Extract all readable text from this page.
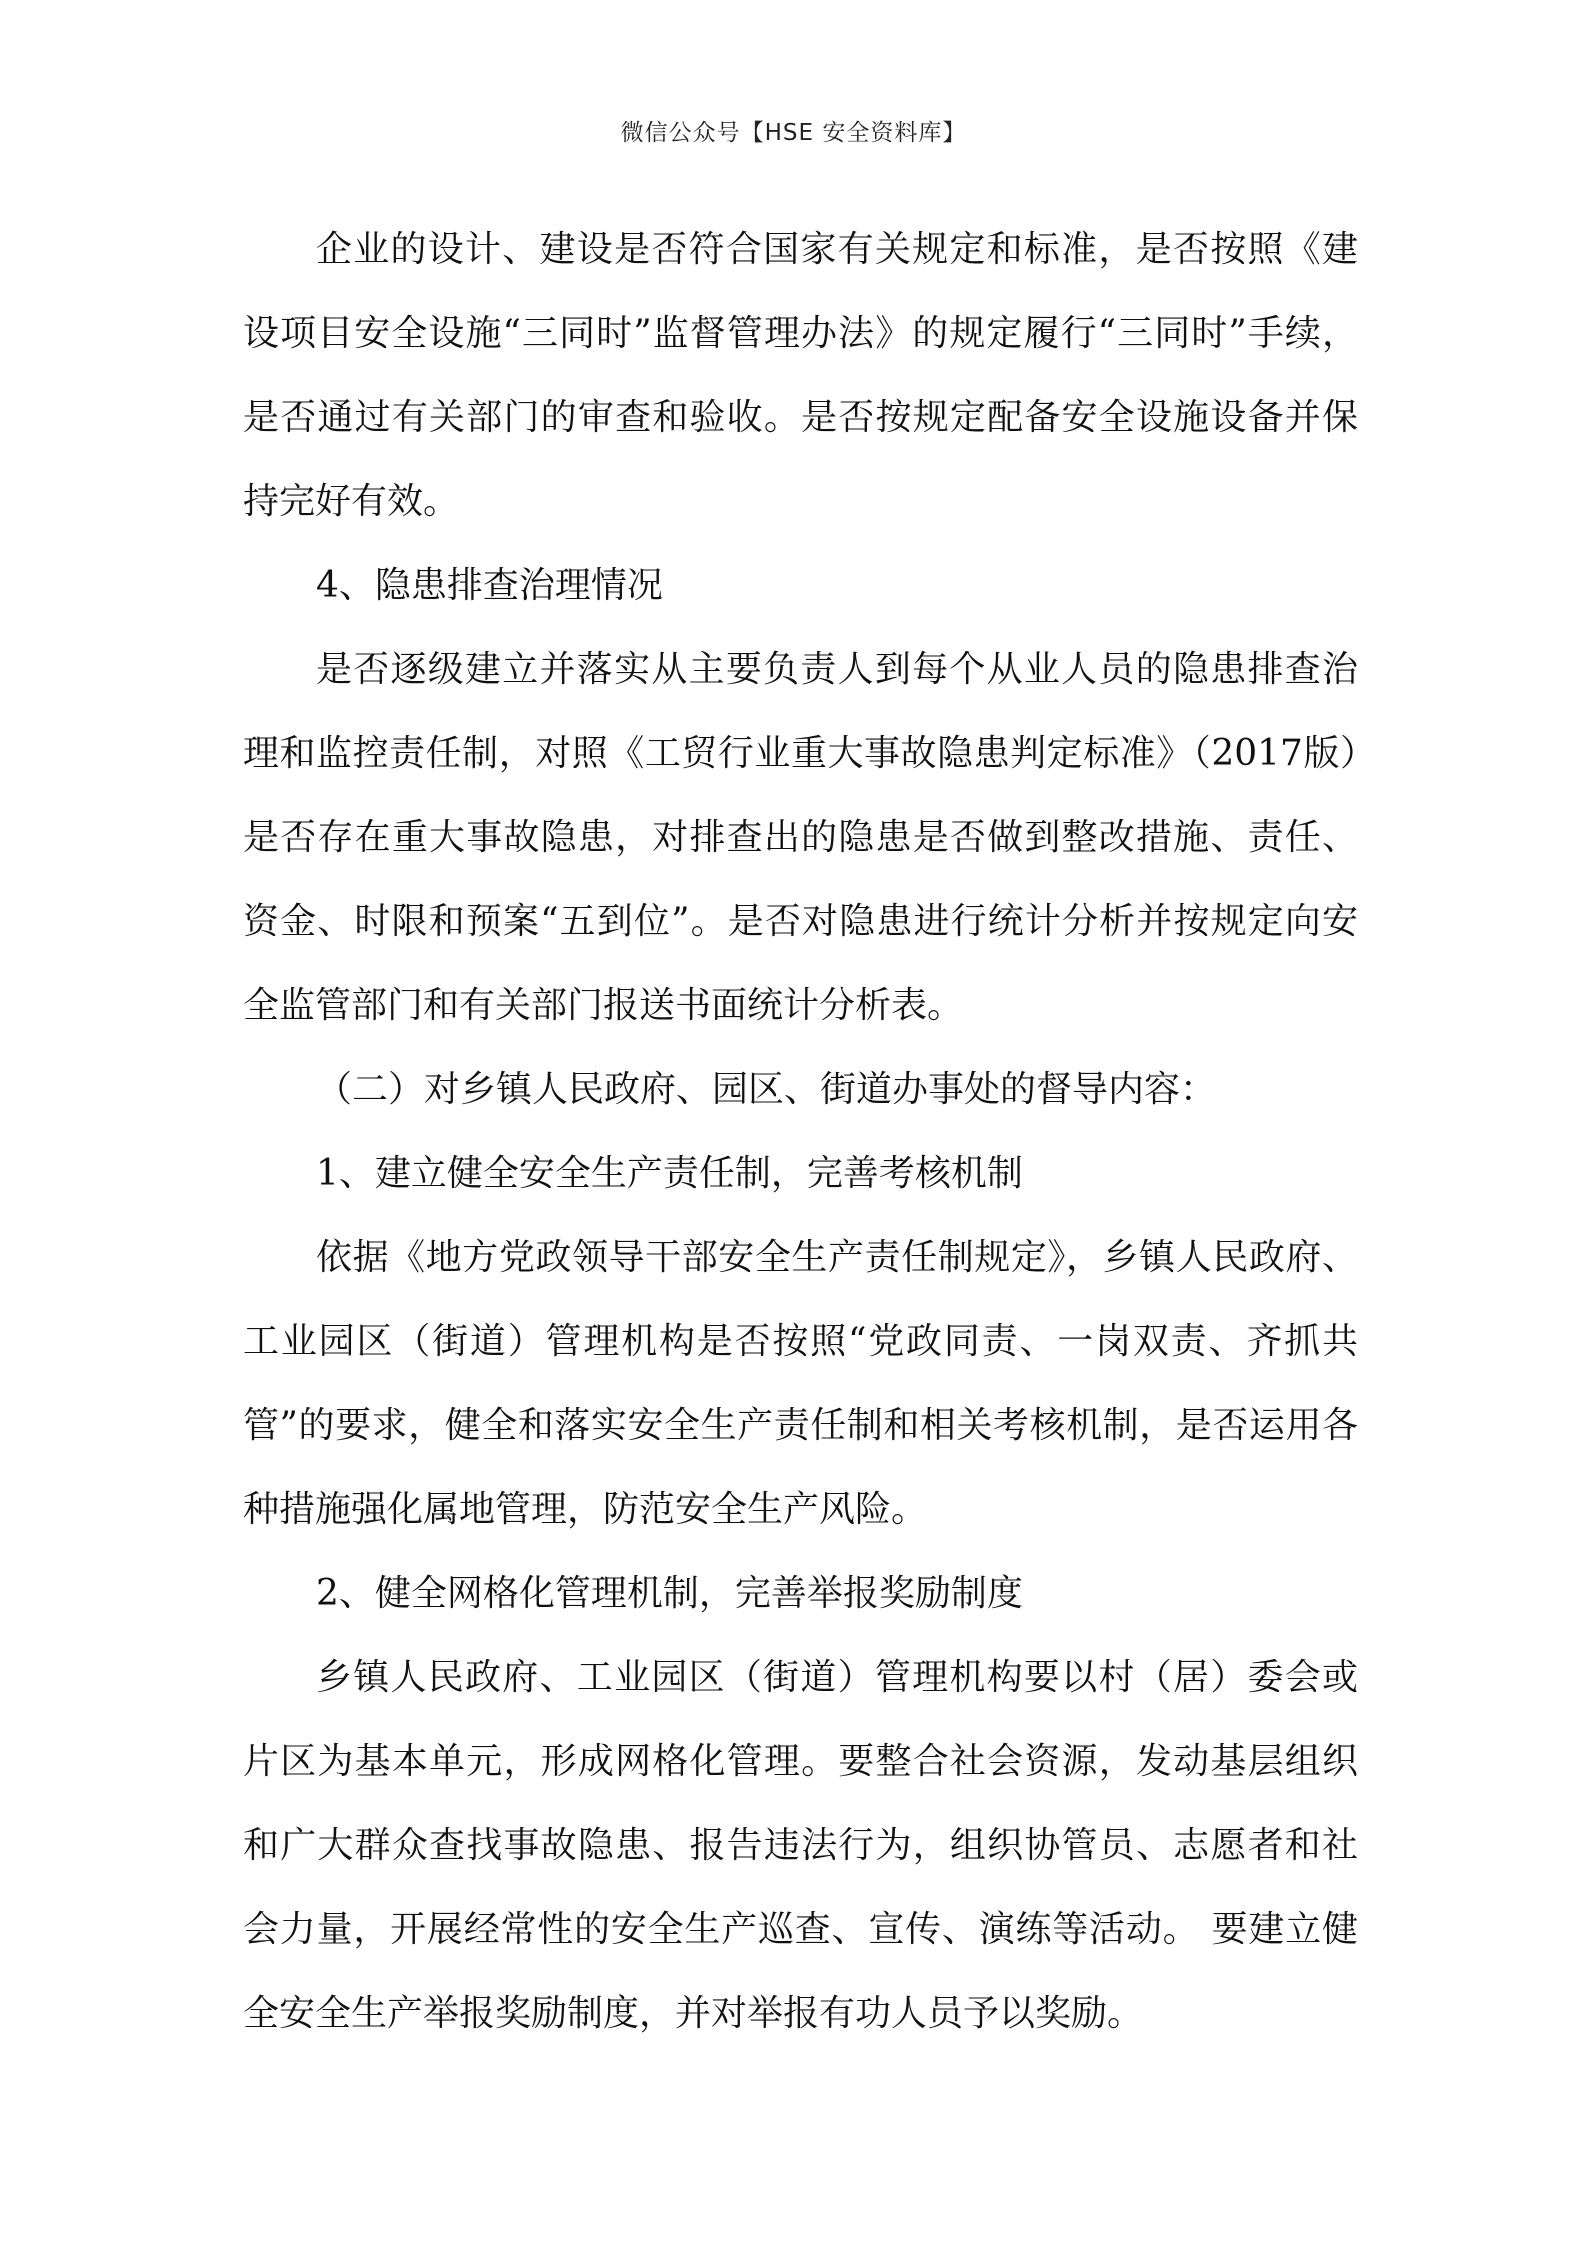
微信公众号【HSE 安全资料库】

企业的设计、建设是否符合国家有关规定和标准，是否按照《建设项目安全设施“三同时”监督管理办法》的规定履行“三同时”手续，是否通过有关部门的审查和验收。是否按规定配备安全设施设备并保持完好有效。

4、隐患排查治理情况

是否逐级建立并落实从主要负责人到每个从业人员的隐患排查治理和监控责任制，对照《工贸行业重大事故隐患判定标准》（2017版）是否存在重大事故隐患，对排查出的隐患是否做到整改措施、责任、资金、时限和预案“五到位”。是否对隐患进行统计分析并按规定向安全监管部门和有关部门报送书面统计分析表。

（二）对乡镇人民政府、园区、街道办事处的督导内容：

1、建立健全安全生产责任制，完善考核机制

依据《地方党政领导干部安全生产责任制规定》，乡镇人民政府、工业园区（街道）管理机构是否按照“党政同责、一岗双责、齐抓共管”的要求，健全和落实安全生产责任制和相关考核机制，是否运用各种措施强化属地管理，防范安全生产风险。

2、健全网格化管理机制，完善举报奖励制度

乡镇人民政府、工业园区（街道）管理机构要以村（居）委会或片区为基本单元，形成网格化管理。要整合社会资源，发动基层组织和广大群众查找事故隐患、报告违法行为，组织协管员、志愿者和社会力量，开展经常性的安全生产巡查、宣传、演练等活动。 要建立健全安全生产举报奖励制度，并对举报有功人员予以奖励。
